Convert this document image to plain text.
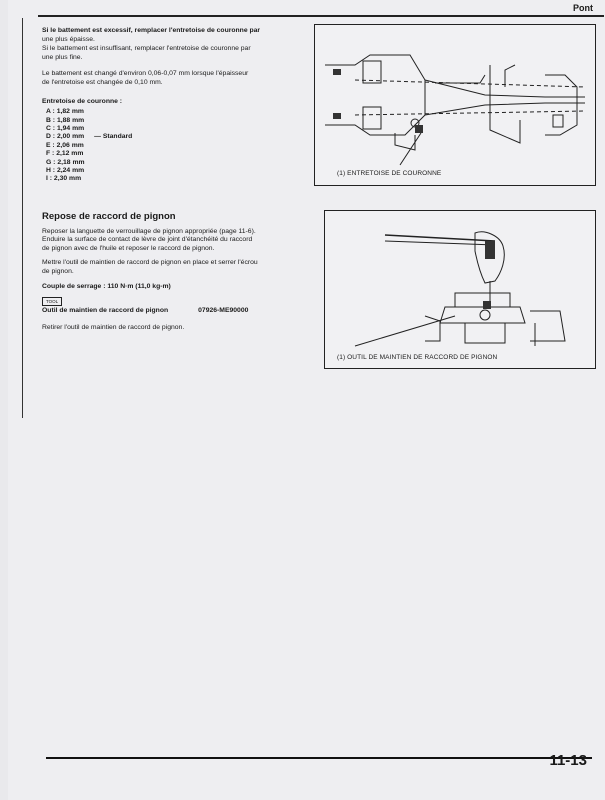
Pont

Si le battement est excessif, remplacer l'entretoise de couronne par
une plus épaisse.

Si le battement est insuffisant, remplacer l'entretoise de couronne par
une plus fine.

Le battement est changé d'environ 0,06-0,07 mm lorsque l'épaisseur
de l'entretoise est changée de 0,10 mm.

Entretoise de couronne :
A : 1,82 mm
B : 1,88 mm
C : 1,94 mm
D : 2,00 mm — Standard
E : 2,06 mm
F : 2,12 mm
G : 2,18 mm
H : 2,24 mm
I : 2,30 mm
Repose de raccord de pignon

Reposer la languette de verrouillage de pignon appropriée (page 11-6).
Enduire la surface de contact de lèvre de joint d'étanchéité du raccord
de pignon avec de l'huile et reposer le raccord de pignon.

Mettre l'outil de maintien de raccord de pignon en place et serrer l'écrou
de pignon.

Couple de serrage : 110 N·m (11,0 kg-m)

TOOL
Outil de maintien de raccord de pignon	07926-ME90000

Retirer l'outil de maintien de raccord de pignon.

(1) ENTRETOISE DE COURONNE
(1) OUTIL DE MAINTIEN DE RACCORD DE PIGNON
11-13
